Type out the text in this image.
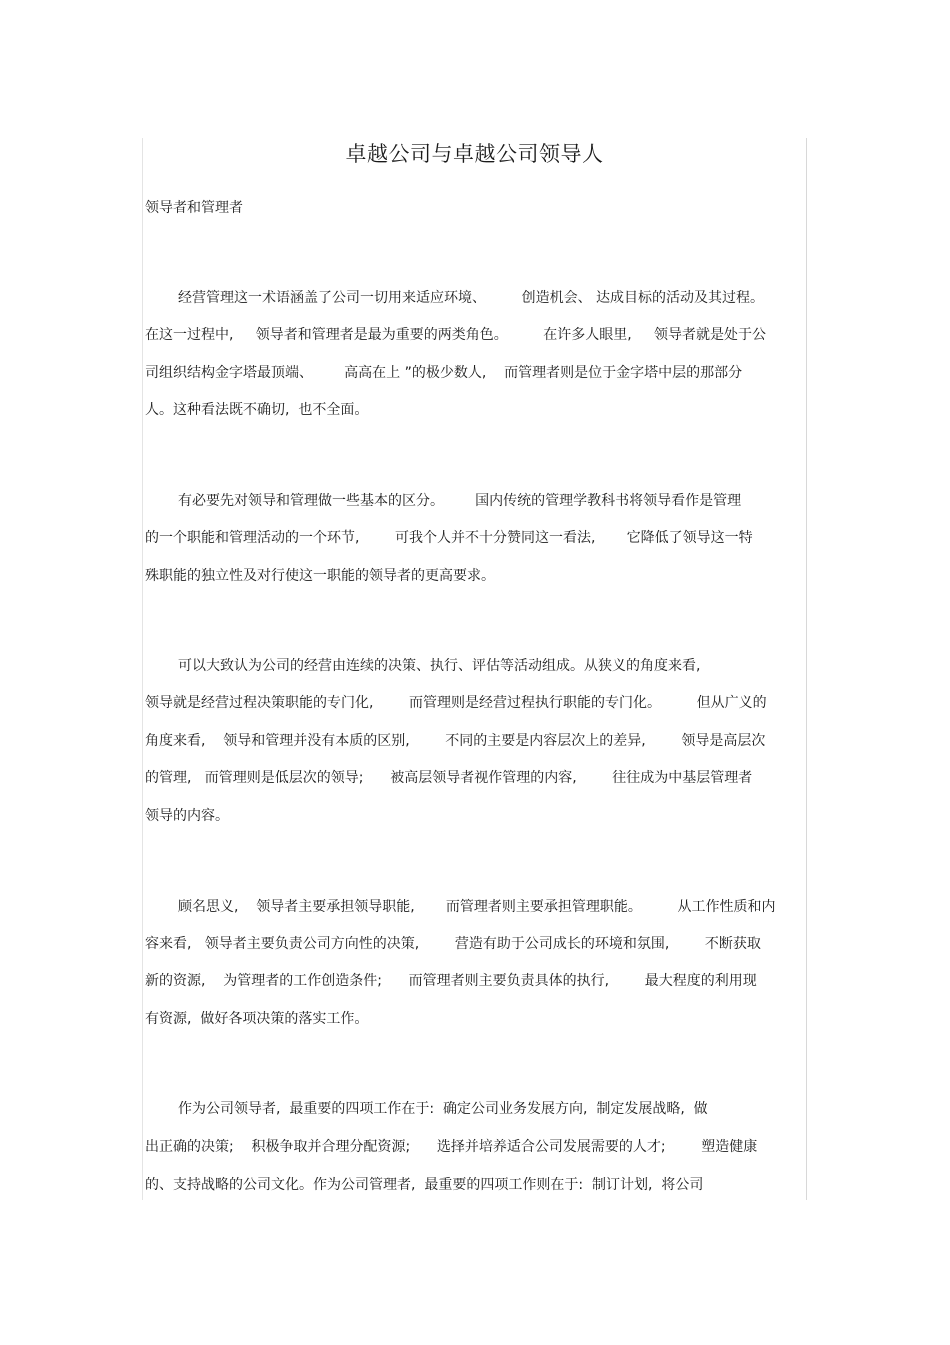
卓越公司与卓越公司领导人
领导者和管理者
经营管理这一术语涵盖了公司一切用来适应环境、        创造机会、 达成目标的活动及其过程。
在这一过程中,     领导者和管理者是最为重要的两类角色。        在许多人眼里,     领导者就是处于公
司组织结构金字塔最顶端、       高高在上 ”的极少数人,    而管理者则是位于金字塔中层的那部分
人。这种看法既不确切,  也不全面。
有必要先对领导和管理做一些基本的区分。       国内传统的管理学教科书将领导看作是管理
的一个职能和管理活动的一个环节,        可我个人并不十分赞同这一看法,       它降低了领导这一特
殊职能的独立性及对行使这一职能的领导者的更高要求。
可以大致认为公司的经营由连续的决策、执行、评估等活动组成。从狭义的角度来看,
领导就是经营过程决策职能的专门化,        而管理则是经营过程执行职能的专门化。        但从广义的
角度来看,    领导和管理并没有本质的区别,        不同的主要是内容层次上的差异,        领导是高层次
的管理,   而管理则是低层次的领导;      被高层领导者视作管理的内容,        往往成为中基层管理者
领导的内容。
顾名思义,    领导者主要承担领导职能,       而管理者则主要承担管理职能。        从工作性质和内
容来看,   领导者主要负责公司方向性的决策,        营造有助于公司成长的环境和氛围,        不断获取
新的资源,    为管理者的工作创造条件;      而管理者则主要负责具体的执行,        最大程度的利用现
有资源,  做好各项决策的落实工作。
作为公司领导者,  最重要的四项工作在于:  确定公司业务发展方向,  制定发展战略,  做
出正确的决策;    积极争取并合理分配资源;      选择并培养适合公司发展需要的人才;        塑造健康
的、支持战略的公司文化。作为公司管理者,  最重要的四项工作则在于:  制订计划,  将公司
